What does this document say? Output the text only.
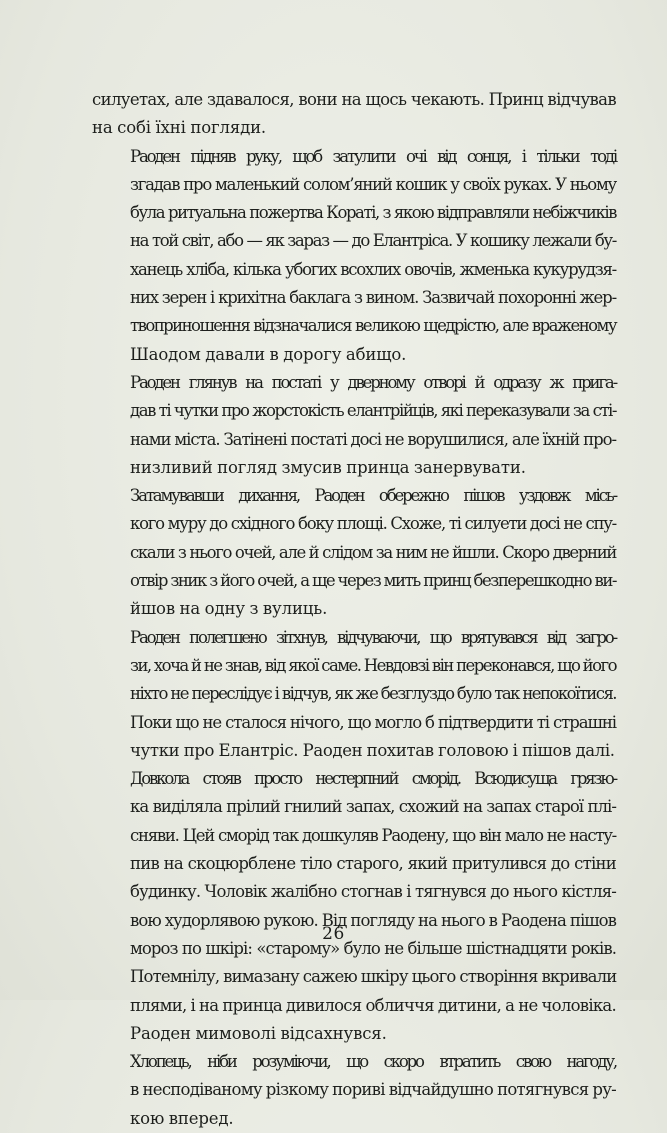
силуетах, але здавалося, вони на щось чекають. Принц відчував
на собі їхні погляди.

Раоден підняв руку, щоб затулити очі від сонця, і тільки тоді
згадав про маленький солом’яний кошик у своїх руках. У ньому
була ритуальна пожертва Кораті, з якою відправляли небіжчиків
на той світ, або — як зараз — до Елантріса. У кошику лежали бу-
ханець хліба, кілька убогих всохлих овочів, жменька кукурудзя-
них зерен і крихітна баклага з вином. Зазвичай похоронні жер-
твоприношення відзначалися великою щедрістю, але враженому
Шаодом давали в дорогу абищо.

Раоден глянув на постаті у дверному отворі й одразу ж прига-
дав ті чутки про жорстокість елантрійців, які переказували за сті-
нами міста. Затінені постаті досі не ворушилися, але їхній про-
низливий погляд змусив принца занервувати.

Затамувавши дихання, Раоден обережно пішов уздовж місь-
кого муру до східного боку площі. Схоже, ті силуети досі не спу-
скали з нього очей, але й слідом за ним не йшли. Скоро дверний
отвір зник з його очей, а ще через мить принц безперешкодно ви-
йшов на одну з вулиць.

Раоден полегшено зітхнув, відчуваючи, що врятувався від загро-
зи, хоча й не знав, від якої саме. Невдовзі він переконався, що його
ніхто не переслідує і відчув, як же безглуздо було так непокоїтися.
Поки що не сталося нічого, що могло б підтвердити ті страшні
чутки про Елантріс. Раоден похитав головою і пішов далі.

Довкола стояв просто нестерпний сморід. Всюдисуща грязю-
ка виділяла прілий гнилий запах, схожий на запах старої плі-
сняви. Цей сморід так дошкуляв Раодену, що він мало не насту-
пив на скоцюрблене тіло старого, який притулився до стіни
будинку. Чоловік жалібно стогнав і тягнувся до нього кістля-
вою худорлявою рукою. Від погляду на нього в Раодена пішов
мороз по шкірі: «старому» було не більше шістнадцяти років.
Потемнілу, вимазану сажею шкіру цього створіння вкривали
плями, і на принца дивилося обличчя дитини, а не чоловіка.
Раоден мимоволі відсахнувся.

Хлопець, ніби розуміючи, що скоро втратить свою нагоду,
в несподіваному різкому пориві відчайдушно потягнувся ру-
кою вперед.

26
